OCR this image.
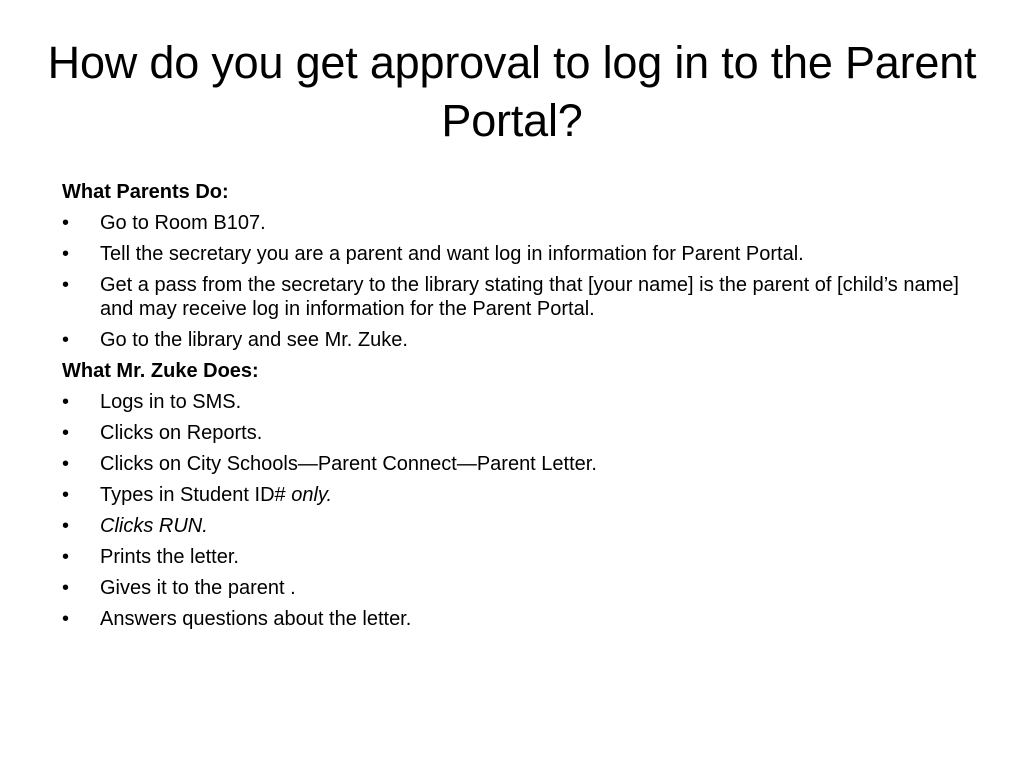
How do you get approval to log in to the Parent Portal?
What Parents Do:
•	Go to Room B107.
•	Tell the secretary you are a parent and want log in information for Parent Portal.
•	Get a pass from the secretary to the library stating that [your name] is the parent of [child’s name] and may receive log in information for the Parent Portal.
•	Go to the library and see Mr. Zuke.
What Mr. Zuke Does:
•	Logs in to SMS.
•	Clicks on Reports.
•	Clicks on City Schools—Parent Connect—Parent Letter.
•	Types in Student ID# only.
•	Clicks RUN.
•	Prints the letter.
•	Gives it to the parent .
•	Answers questions about the letter.
